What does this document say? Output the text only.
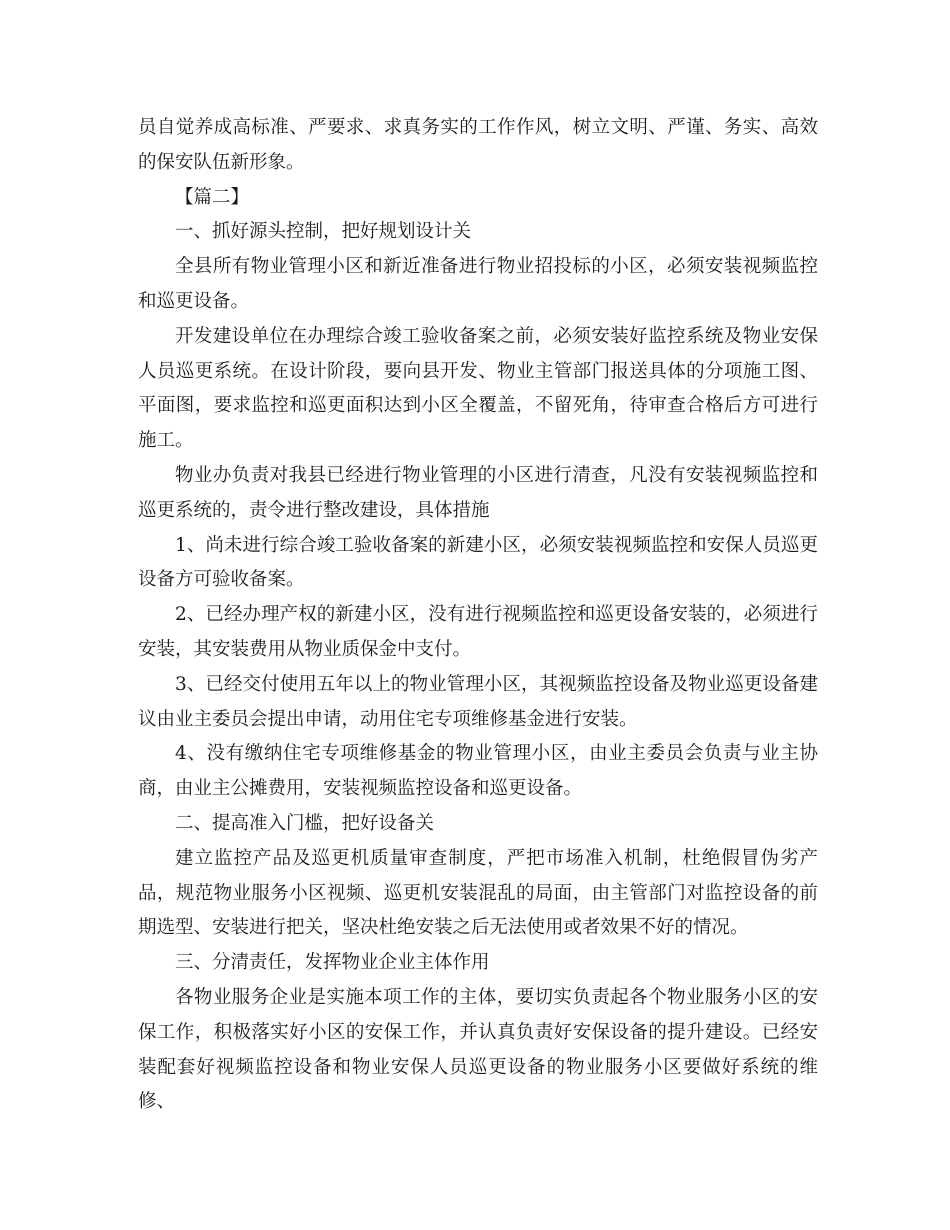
员自觉养成高标准、严要求、求真务实的工作作风，树立文明、严谨、务实、高效的保安队伍新形象。

【篇二】

一、抓好源头控制，把好规划设计关

全县所有物业管理小区和新近准备进行物业招投标的小区，必须安装视频监控和巡更设备。

开发建设单位在办理综合竣工验收备案之前，必须安装好监控系统及物业安保人员巡更系统。在设计阶段，要向县开发、物业主管部门报送具体的分项施工图、平面图，要求监控和巡更面积达到小区全覆盖，不留死角，待审查合格后方可进行施工。

物业办负责对我县已经进行物业管理的小区进行清查，凡没有安装视频监控和巡更系统的，责令进行整改建设，具体措施

1、尚未进行综合竣工验收备案的新建小区，必须安装视频监控和安保人员巡更设备方可验收备案。

2、已经办理产权的新建小区，没有进行视频监控和巡更设备安装的，必须进行安装，其安装费用从物业质保金中支付。

3、已经交付使用五年以上的物业管理小区，其视频监控设备及物业巡更设备建议由业主委员会提出申请，动用住宅专项维修基金进行安装。

4、没有缴纳住宅专项维修基金的物业管理小区，由业主委员会负责与业主协商，由业主公摊费用，安装视频监控设备和巡更设备。

二、提高准入门槛，把好设备关

建立监控产品及巡更机质量审查制度，严把市场准入机制，杜绝假冒伪劣产品，规范物业服务小区视频、巡更机安装混乱的局面，由主管部门对监控设备的前期选型、安装进行把关，坚决杜绝安装之后无法使用或者效果不好的情况。

三、分清责任，发挥物业企业主体作用

各物业服务企业是实施本项工作的主体，要切实负责起各个物业服务小区的安保工作，积极落实好小区的安保工作，并认真负责好安保设备的提升建设。已经安装配套好视频监控设备和物业安保人员巡更设备的物业服务小区要做好系统的维修、
